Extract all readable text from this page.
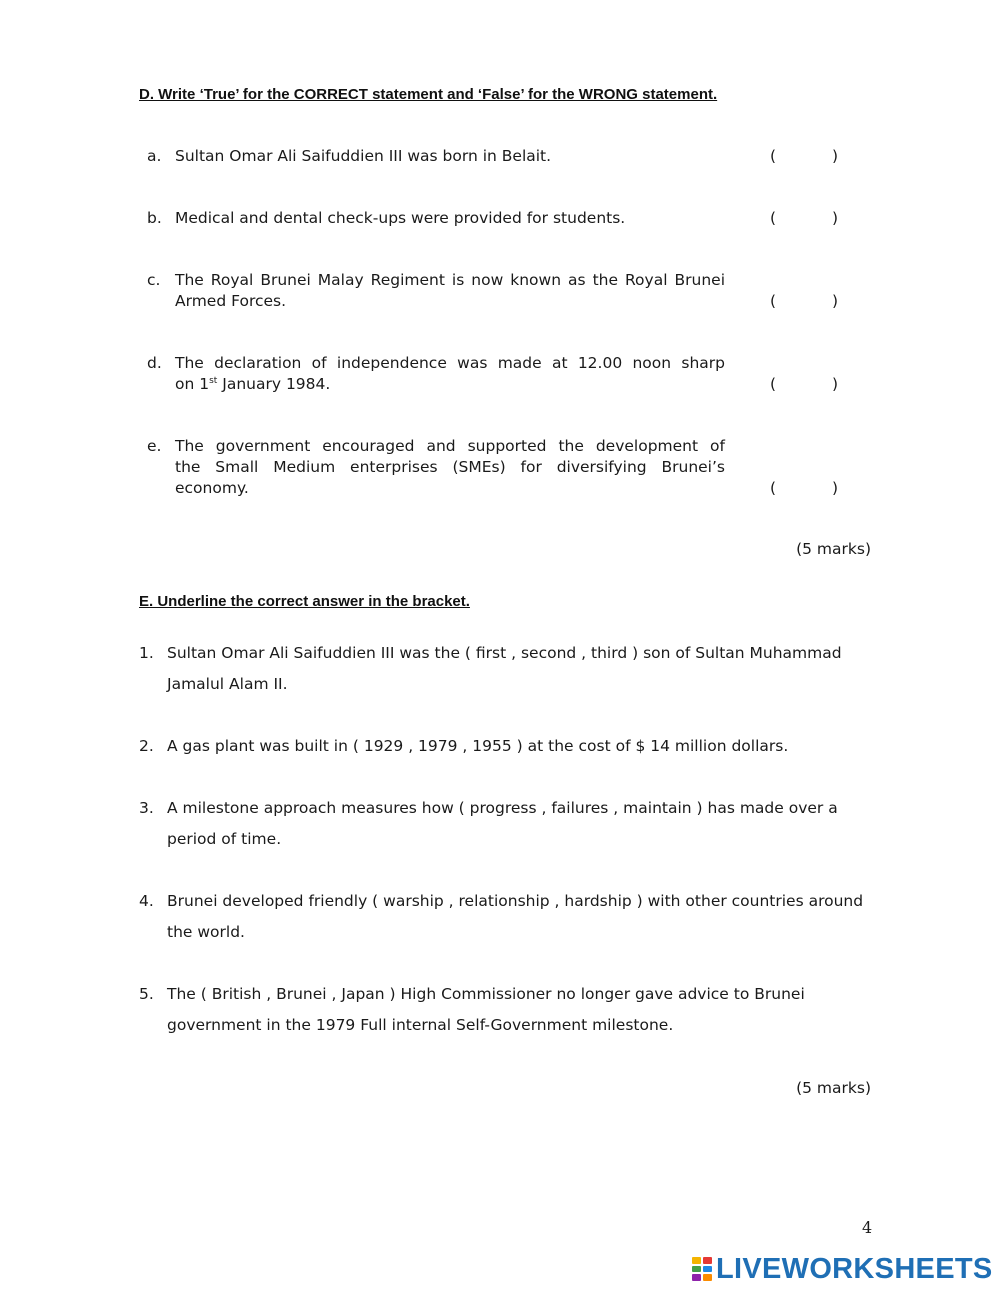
D. Write ‘True’ for the CORRECT statement and ‘False’ for the WRONG statement.
a. Sultan Omar Ali Saifuddien III was born in Belait.	(	)
b. Medical and dental check-ups were provided for students.	(	)
c. The Royal Brunei Malay Regiment is now known as the Royal Brunei
Armed Forces.	(	)
d. The declaration of independence was made at 12.00 noon sharp
on 1st January 1984.	(	)
e. The government encouraged and supported the development of
the Small Medium enterprises (SMEs) for diversifying Brunei’s
economy.	(	)
(5 marks)
E. Underline the correct answer in the bracket.
1. Sultan Omar Ali Saifuddien III was the ( first , second , third ) son of Sultan Muhammad Jamalul Alam II.
2. A gas plant was built in ( 1929 , 1979 , 1955 ) at the cost of $ 14 million dollars.
3. A milestone approach measures how ( progress , failures , maintain ) has made over a period of time.
4. Brunei developed friendly ( warship , relationship , hardship ) with other countries around the world.
5. The ( British , Brunei , Japan ) High Commissioner no longer gave advice to Brunei government in the 1979 Full internal Self-Government milestone.
(5 marks)
4
LIVEWORKSHEETS
